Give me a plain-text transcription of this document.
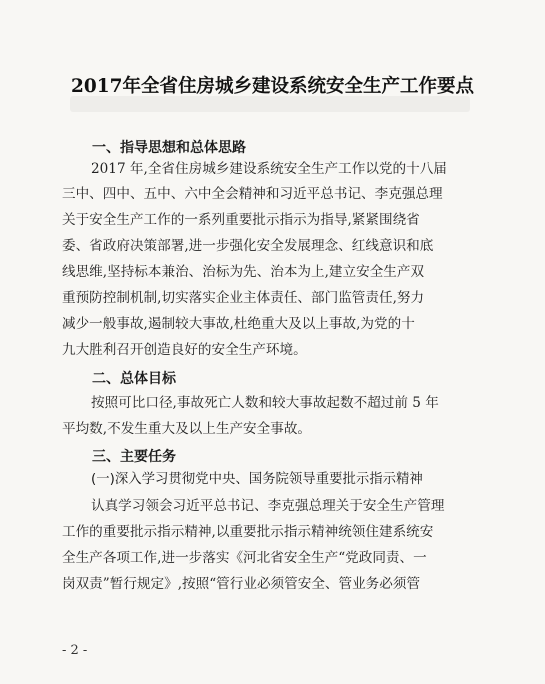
2017年全省住房城乡建设系统安全生产工作要点
一、指导思想和总体思路
2017 年,全省住房城乡建设系统安全生产工作以党的十八届
三中、四中、五中、六中全会精神和习近平总书记、李克强总理
关于安全生产工作的一系列重要批示指示为指导,紧紧围绕省
委、省政府决策部署,进一步强化安全发展理念、红线意识和底
线思维,坚持标本兼治、治标为先、治本为上,建立安全生产双
重预防控制机制,切实落实企业主体责任、部门监管责任,努力
减少一般事故,遏制较大事故,杜绝重大及以上事故,为党的十
九大胜利召开创造良好的安全生产环境。
二、总体目标
按照可比口径,事故死亡人数和较大事故起数不超过前 5 年
平均数,不发生重大及以上生产安全事故。
三、主要任务
(一)深入学习贯彻党中央、国务院领导重要批示指示精神
认真学习领会习近平总书记、李克强总理关于安全生产管理
工作的重要批示指示精神,以重要批示指示精神统领住建系统安
全生产各项工作,进一步落实《河北省安全生产“党政同责、一
岗双责”暂行规定》,按照“管行业必须管安全、管业务必须管
- 2 -
